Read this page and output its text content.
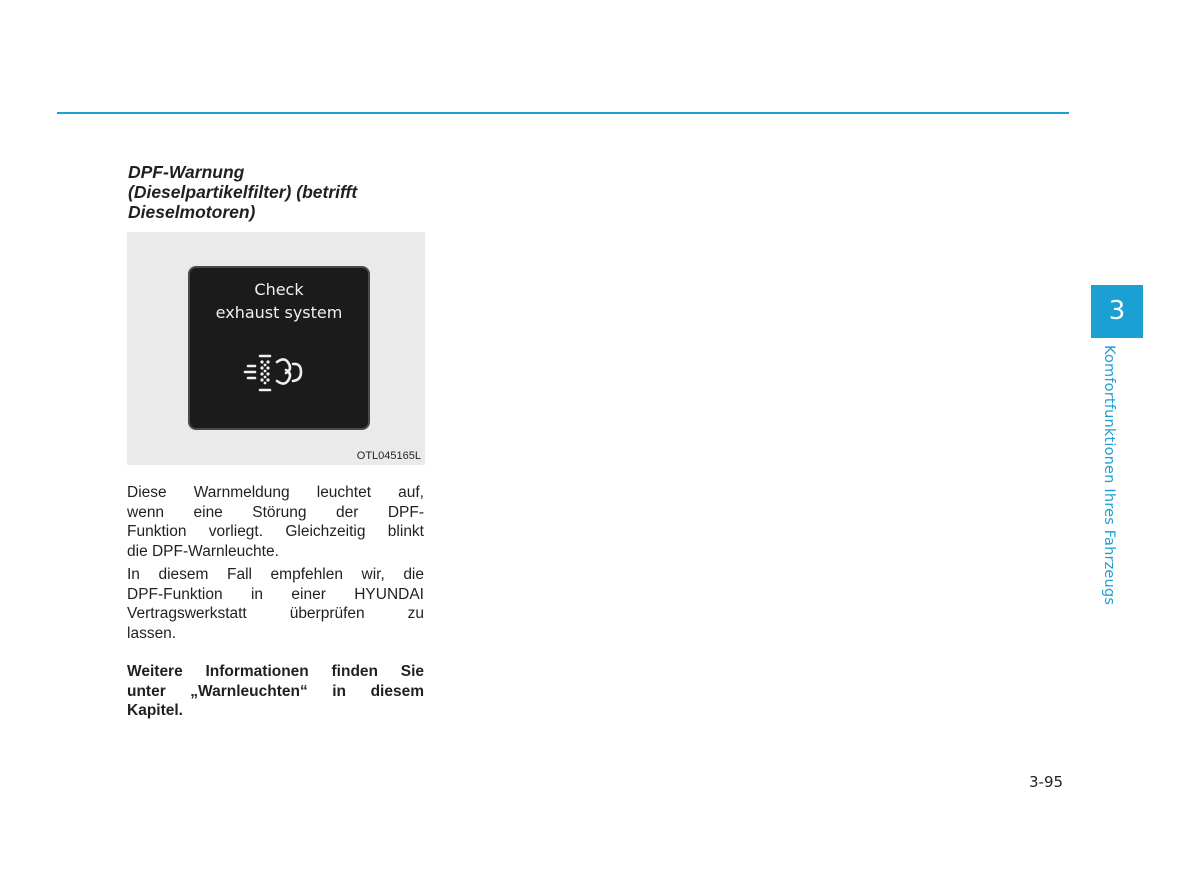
DPF-Warnung
(Dieselpartikelfilter) (betrifft
Dieselmotoren)
Check
exhaust system
OTL045165L
Diese Warnmeldung leuchtet auf,
wenn eine Störung der DPF-
Funktion vorliegt. Gleichzeitig blinkt
die DPF-Warnleuchte.
In diesem Fall empfehlen wir, die
DPF-Funktion in einer HYUNDAI
Vertragswerkstatt überprüfen zu
lassen.
Weitere Informationen finden Sie
unter „Warnleuchten“ in diesem
Kapitel.
3
Komfortfunktionen Ihres Fahrzeugs
3-95
